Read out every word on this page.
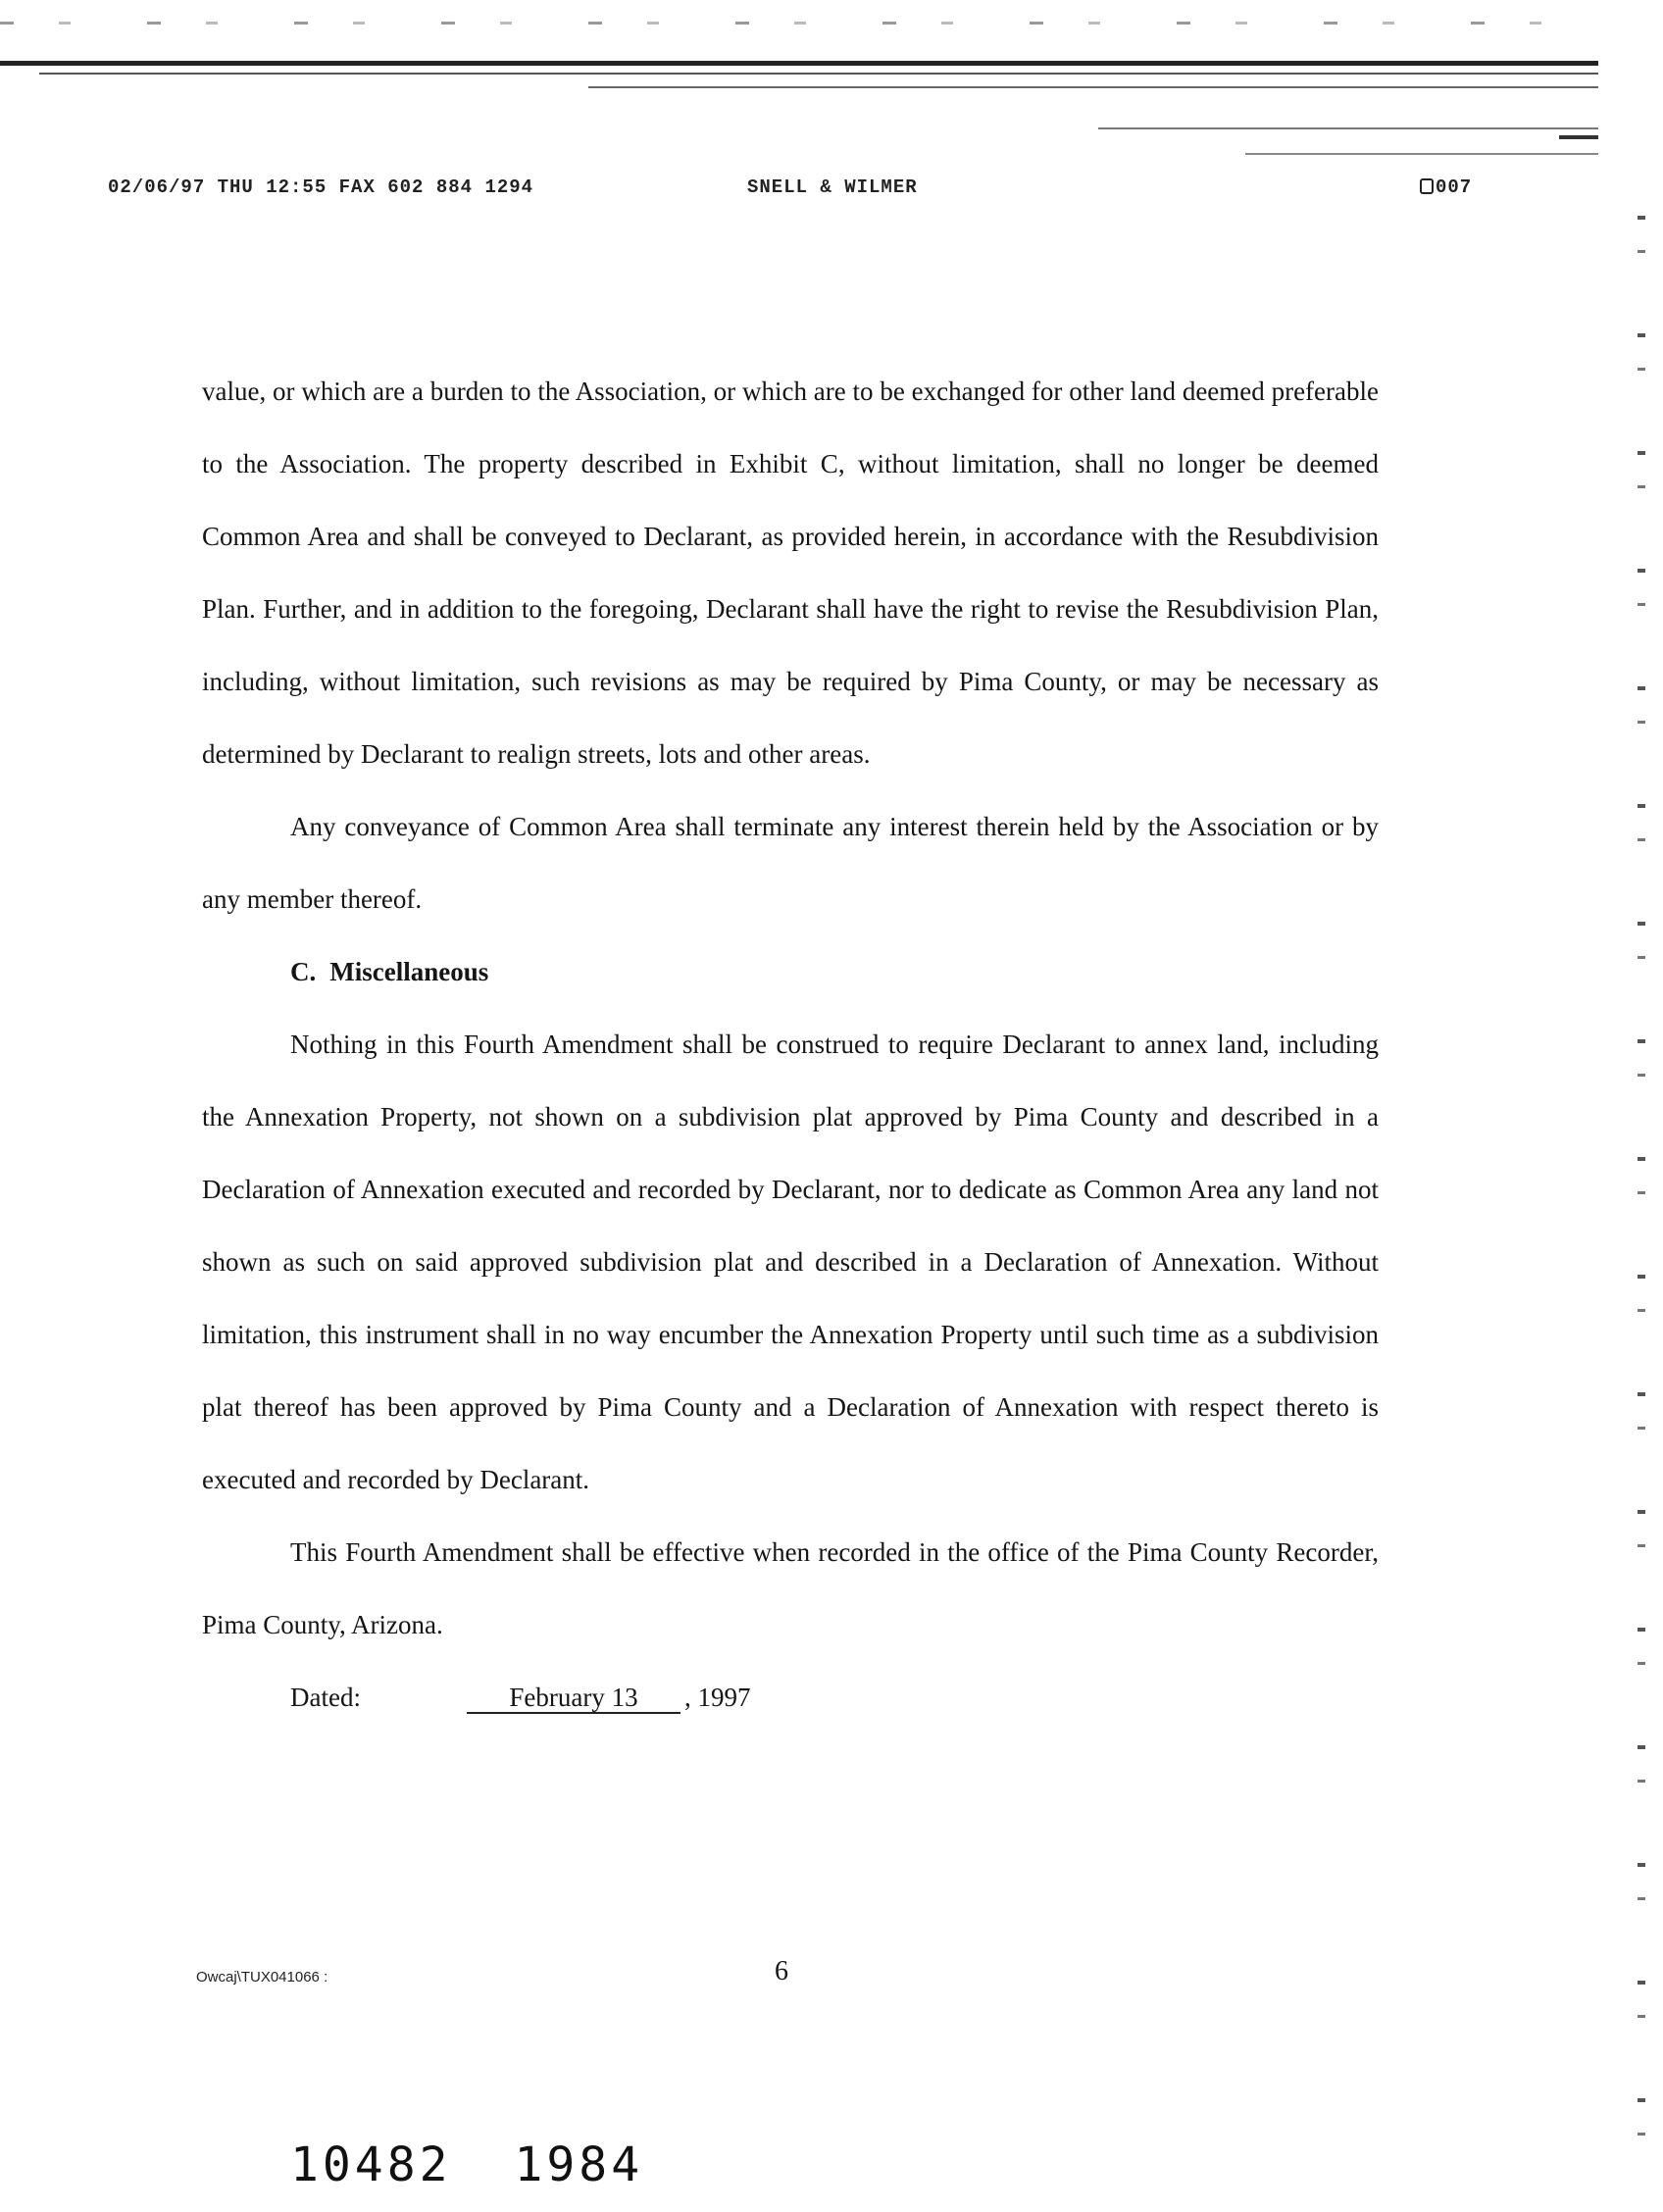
02/06/97 THU 12:55 FAX 602 884 1294	SNELL & WILMER	007

value, or which are a burden to the Association, or which are to be exchanged for other land deemed preferable to the Association. The property described in Exhibit C, without limitation, shall no longer be deemed Common Area and shall be conveyed to Declarant, as provided herein, in accordance with the Resubdivision Plan. Further, and in addition to the foregoing, Declarant shall have the right to revise the Resubdivision Plan, including, without limitation, such revisions as may be required by Pima County, or may be necessary as determined by Declarant to realign streets, lots and other areas.

Any conveyance of Common Area shall terminate any interest therein held by the Association or by any member thereof.

C. Miscellaneous

Nothing in this Fourth Amendment shall be construed to require Declarant to annex land, including the Annexation Property, not shown on a subdivision plat approved by Pima County and described in a Declaration of Annexation executed and recorded by Declarant, nor to dedicate as Common Area any land not shown as such on said approved subdivision plat and described in a Declaration of Annexation. Without limitation, this instrument shall in no way encumber the Annexation Property until such time as a subdivision plat thereof has been approved by Pima County and a Declaration of Annexation with respect thereto is executed and recorded by Declarant.

This Fourth Amendment shall be effective when recorded in the office of the Pima County Recorder, Pima County, Arizona.

Dated:	February 13 , 1997

Owcaj\TUX041066 :	6
10482 1984
